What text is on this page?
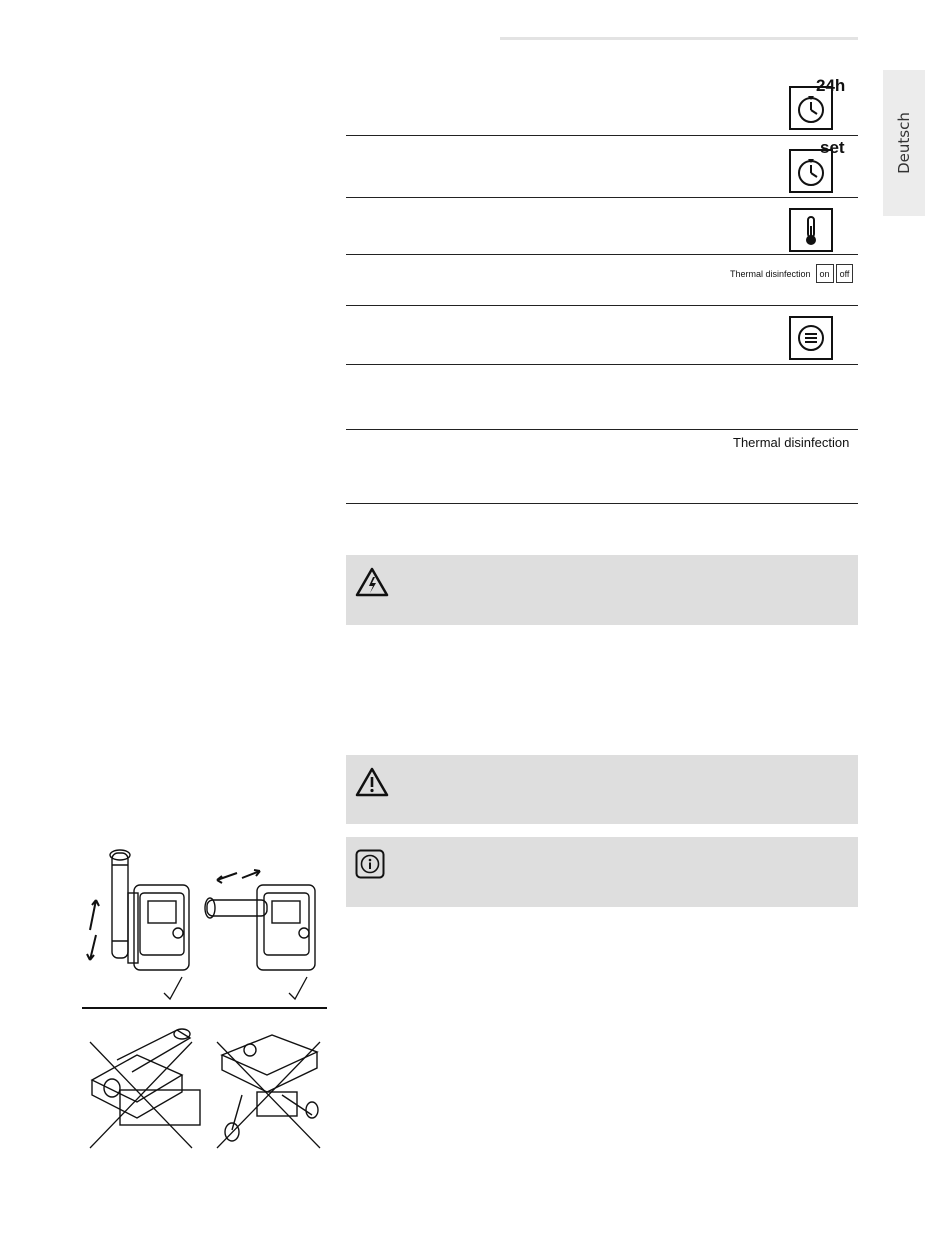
Deutsch
24h
set
Thermal disinfection	on	off
Thermal disinfection
